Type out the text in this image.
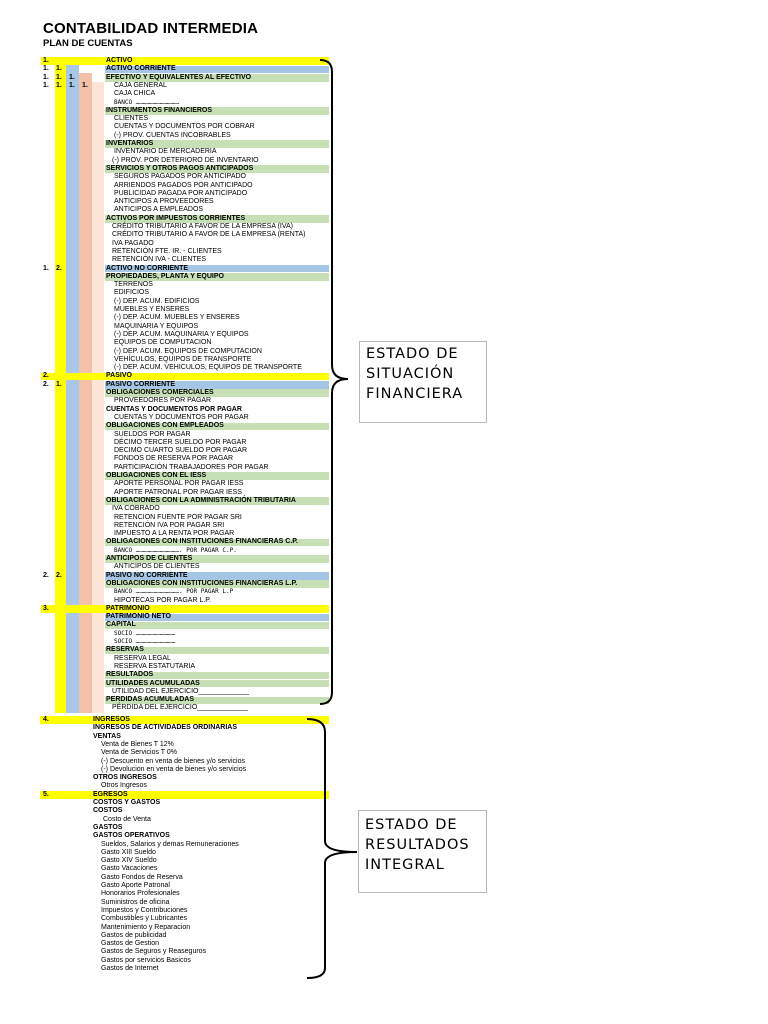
CONTABILIDAD INTERMEDIA
PLAN DE CUENTAS
1.	ACTIVO
1. 1.	ACTIVO CORRIENTE
1. 1. 1.	EFECTIVO Y EQUIVALENTES AL EFECTIVO
1. 1. 1. 1.	CAJA GENERAL
CAJA CHICA
BANCO ………………………………
INSTRUMENTOS FINANCIEROS
CLIENTES
CUENTAS Y DOCUMENTOS POR COBRAR
(-) PROV. CUENTAS INCOBRABLES
INVENTARIOS
INVENTARIO DE MERCADERIA
(-) PROV. POR DETERIORO DE INVENTARIO
SERVICIOS Y OTROS PAGOS ANTICIPADOS
SEGUROS PAGADOS POR ANTICIPADO
ARRIENDOS PAGADOS POR ANTICIPADO
PUBLICIDAD PAGADA POR ANTICIPADO
ANTICIPOS A PROVEEDORES
ANTICIPOS A EMPLEADOS
ACTIVOS POR IMPUESTOS CORRIENTES
CRÉDITO TRIBUTARIO A FAVOR DE LA EMPRESA (IVA)
CRÉDITO TRIBUTARIO A FAVOR DE LA EMPRESA (RENTA)
IVA PAGADO
RETENCIÓN FTE. IR. - CLIENTES
RETENCIÓN IVA - CLIENTES
1. 2.	ACTIVO NO CORRIENTE
PROPIEDADES, PLANTA Y EQUIPO
TERRENOS
EDIFICIOS
(-) DEP. ACUM. EDIFICIOS
MUEBLES Y ENSERES
(-) DEP. ACUM. MUEBLES Y ENSERES
MAQUINARIA Y EQUIPOS
(-) DEP. ACUM. MAQUINARIA Y EQUIPOS
EQUIPOS DE COMPUTACION
(-) DEP. ACUM. EQUIPOS DE COMPUTACION
VEHÍCULOS, EQUIPOS DE TRANSPORTE
(-) DEP. ACUM. VEHICULOS, EQUIPOS DE TRANSPORTE
2.	PASIVO
2. 1.	PASIVO CORRIENTE
OBLIGACIONES COMERCIALES
PROVEEDORES POR PAGAR
CUENTAS Y DOCUMENTOS POR PAGAR
CUENTAS Y DOCUMENTOS POR PAGAR
OBLIGACIONES CON EMPLEADOS
SUELDOS POR PAGAR
DÉCIMO TERCER SUELDO POR PAGAR
DECIMO CUARTO SUELDO POR PAGAR
FONDOS DE RESERVA POR PAGAR
PARTICIPACIÓN TRABAJADORES POR PAGAR
OBLIGACIONES CON EL IESS
APORTE PERSONAL POR PAGAR IESS
APORTE PATRONAL POR PAGAR IESS
OBLIGACIONES CON LA ADMINISTRACIÓN TRIBUTARIA
IVA COBRADO
RETENCION FUENTE POR PAGAR SRI
RETENCIÓN IVA POR PAGAR SRI
IMPUESTO A LA RENTA POR PAGAR
OBLIGACIONES CON INSTITUCIONES FINANCIERAS C.P.
BANCO ………………………………. POR PAGAR C.P.
ANTICIPOS DE CLIENTES
ANTICIPOS DE CLIENTES
2. 2.	PASIVO NO CORRIENTE
OBLIGACIONES CON INSTITUCIONES FINANCIERAS L.P.
BANCO ………………………………. POR PAGAR L.P
HIPOTECAS POR PAGAR L.P.
3.	PATRIMONIO
PATRIMONIO NETO
CAPITAL
SOCIO ……………………………
SOCIO ……………………………
RESERVAS
RESERVA LEGAL
RESERVA ESTATUTARIA
RESULTADOS
UTILIDADES ACUMULADAS
UTILIDAD DEL EJERCICIO_____________
PERDIDAS ACUMULADAS
PÉRDIDA DEL EJERCICIO_____________
4.	INGRESOS
INGRESOS DE ACTIVIDADES ORDINARIAS
VENTAS
Venta de Bienes T 12%
Venta de Servicios T 0%
(-) Descuento en venta de bienes y/o servicios
(-) Devolucion en venta de bienes y/o servicios
OTROS INGRESOS
Otros Ingresos
5.	EGRESOS
COSTOS Y GASTOS
COSTOS
Costo de Venta
GASTOS
GASTOS OPERATIVOS
Sueldos, Salarios y demas Remuneraciones
Gasto XIII Sueldo
Gasto XIV Sueldo
Gasto Vacaciones
Gasto Fondos de Reserva
Gasto Aporte Patronal
Honorarios Profesionales
Suministros de oficina
Impuestos y Contribuciones
Combustibles y Lubricantes
Mantenimiento y Reparacion
Gastos de publicidad
Gastos de Gestion
Gastos de Seguros y Reaseguros
Gastos por servicios Basicos
Gastos de Internet
ESTADO DE
SITUACIÓN
FINANCIERA
ESTADO DE
RESULTADOS
INTEGRAL
